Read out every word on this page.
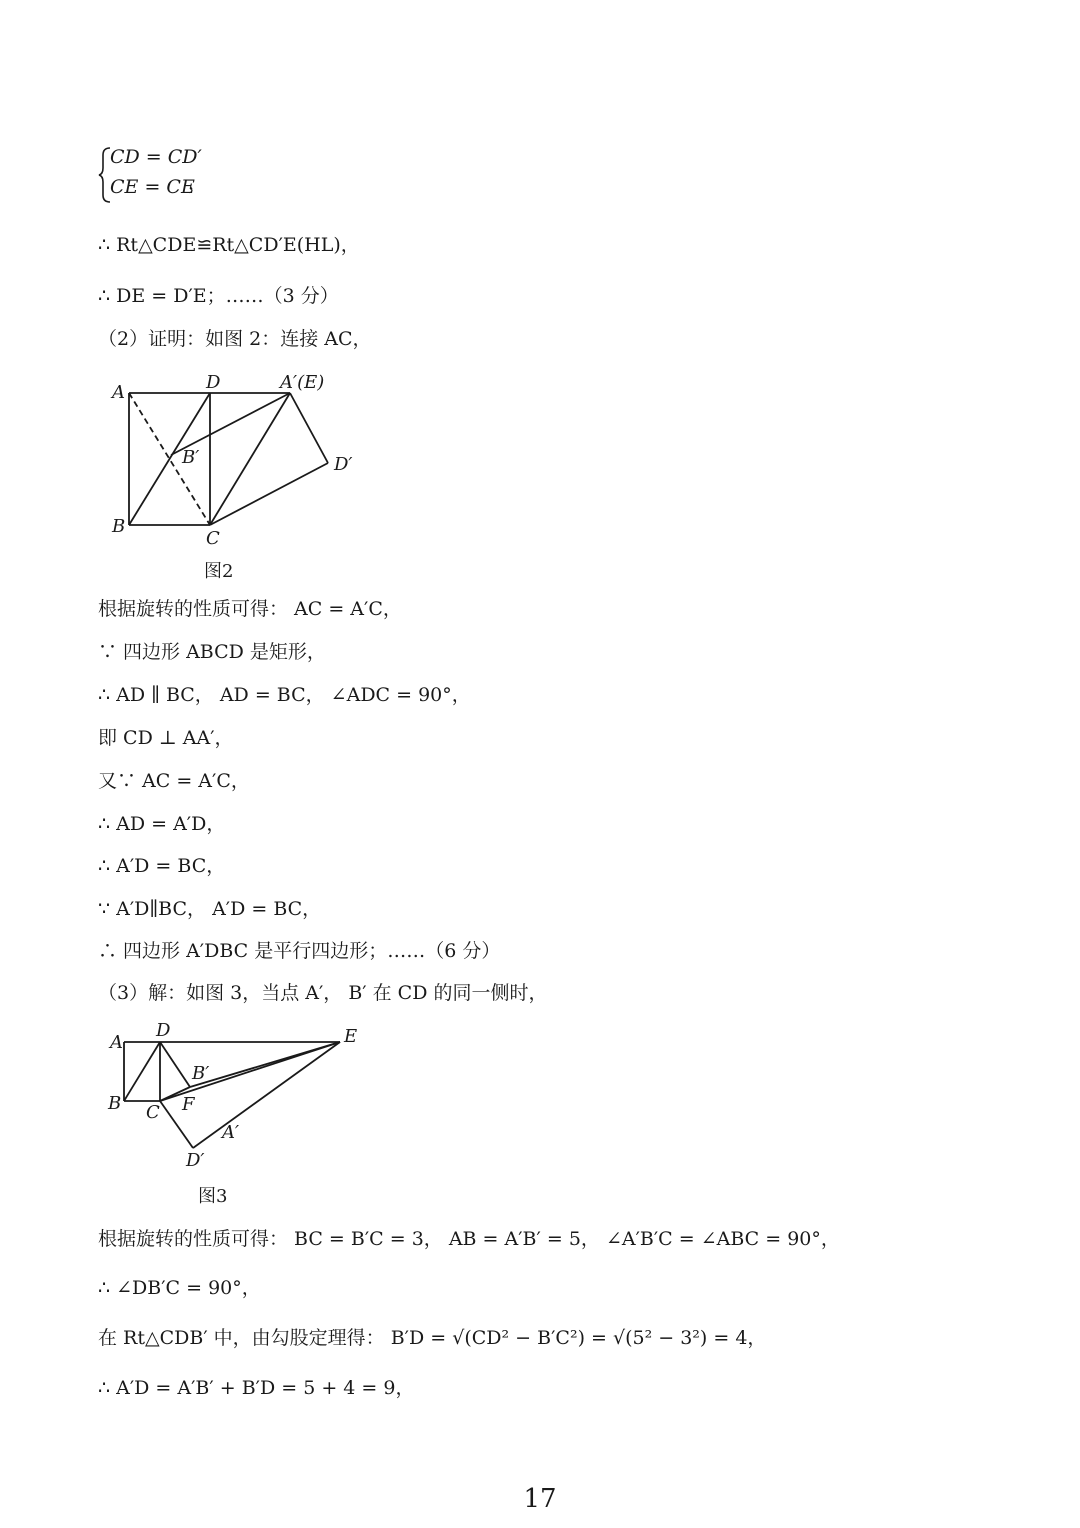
CD = CD′
CE = CE
，
∴ Rt△CDE≌Rt△CD′E(HL)，
∴ DE = D′E；……（3 分）
（2）证明：如图 2：连接 AC，
A
B
C
D	A′(E)
B′	D′
图2
根据旋转的性质可得： AC = A′C，
∵ 四边形 ABCD 是矩形，
∴ AD ∥ BC， AD = BC， ∠ADC = 90°，
即 CD ⊥ AA′，
又∵ AC = A′C，
∴ AD = A′D，
∴ A′D = BC，
∵ A′D∥BC， A′D = BC，
∴ 四边形 A′DBC 是平行四边形；……（6 分）
（3）解：如图 3，当点 A′， B′ 在 CD 的同一侧时，
A
B C
D	E
F
A′
B′
D′
图3
根据旋转的性质可得： BC = B′C = 3， AB = A′B′ = 5， ∠A′B′C = ∠ABC = 90°，
∴ ∠DB′C = 90°，
在 Rt△CDB′ 中，由勾股定理得： B′D = √(CD² − B′C²) = √(5² − 3²) = 4，
∴ A′D = A′B′ + B′D = 5 + 4 = 9，
17
